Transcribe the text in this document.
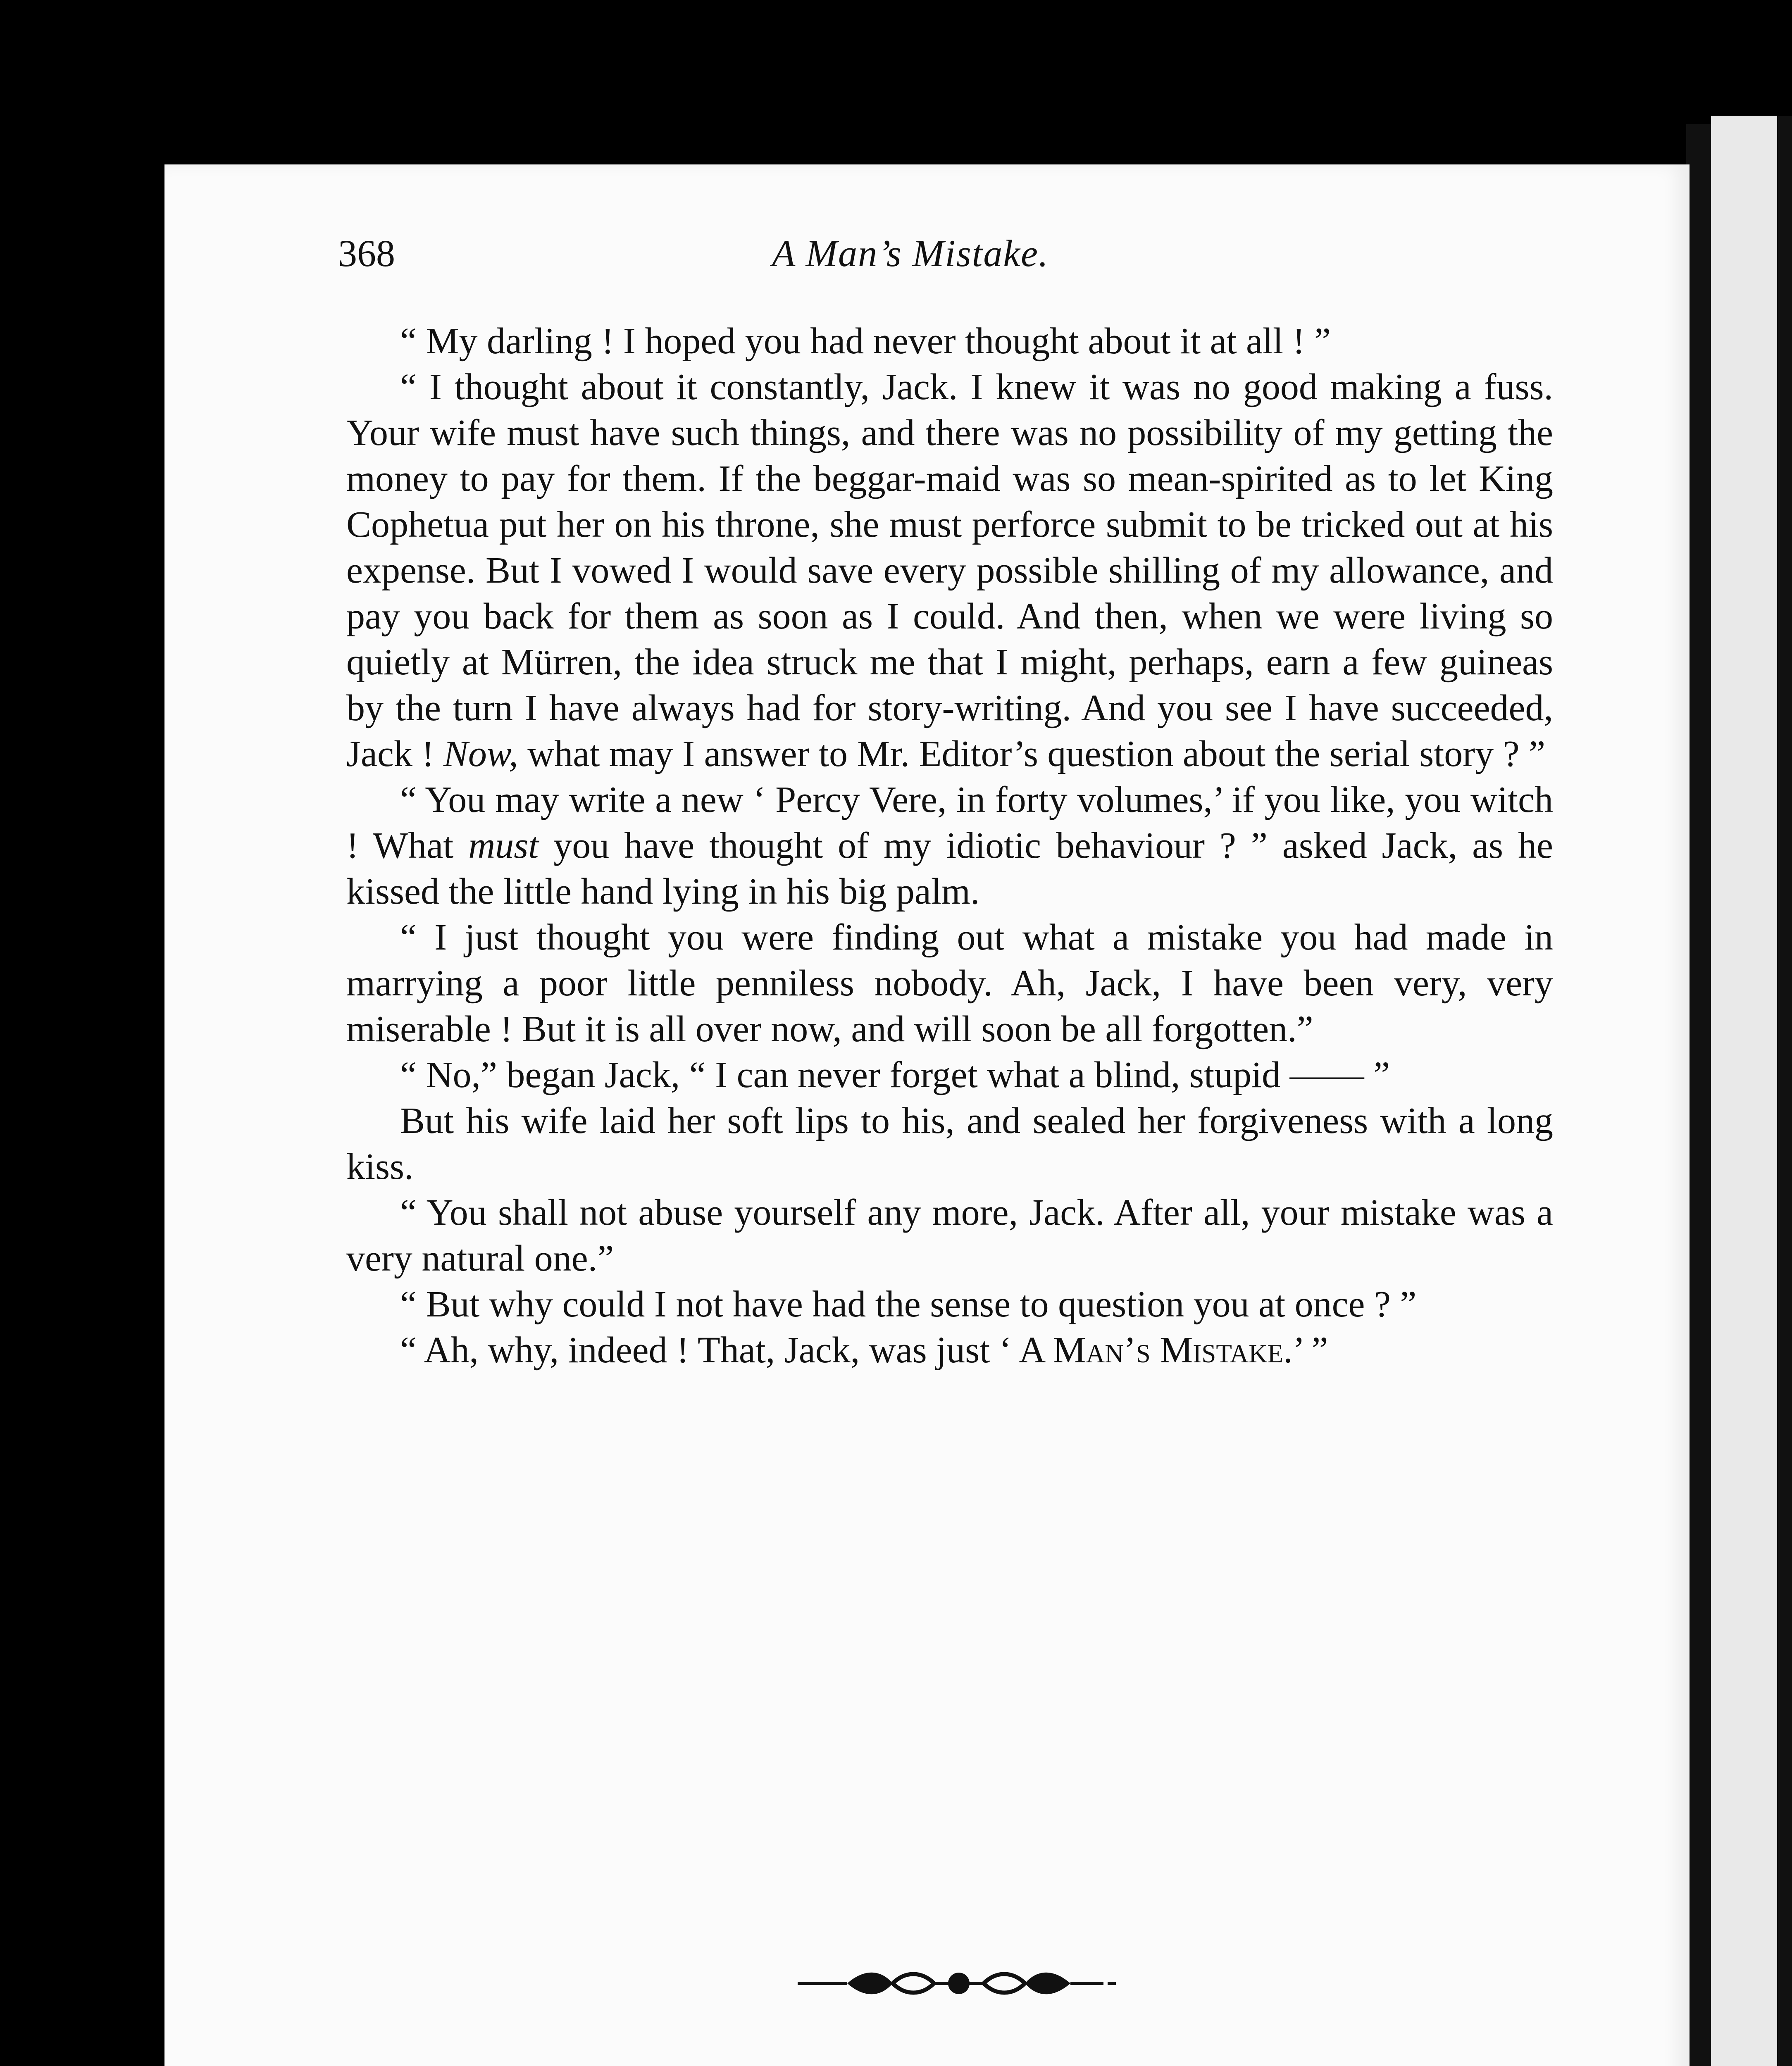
368	A Man’s Mistake.

“ My darling ! I hoped you had never thought about it at all ! ”

“ I thought about it constantly, Jack. I knew it was no good making a fuss. Your wife must have such things, and there was no possibility of my getting the money to pay for them. If the beggar-maid was so mean-spirited as to let King Cophetua put her on his throne, she must perforce submit to be tricked out at his expense. But I vowed I would save every possible shilling of my allowance, and pay you back for them as soon as I could. And then, when we were living so quietly at Mürren, the idea struck me that I might, perhaps, earn a few guineas by the turn I have always had for story-writing. And you see I have succeeded, Jack ! Now, what may I answer to Mr. Editor’s question about the serial story ? ”

“ You may write a new ‘ Percy Vere, in forty volumes,’ if you like, you witch ! What must you have thought of my idiotic behaviour ? ” asked Jack, as he kissed the little hand lying in his big palm.

“ I just thought you were finding out what a mistake you had made in marrying a poor little penniless nobody. Ah, Jack, I have been very, very miserable ! But it is all over now, and will soon be all forgotten.”

“ No,” began Jack, “ I can never forget what a blind, stupid —— ”

But his wife laid her soft lips to his, and sealed her forgiveness with a long kiss.

“ You shall not abuse yourself any more, Jack. After all, your mistake was a very natural one.”

“ But why could I not have had the sense to question you at once ? ”

“ Ah, why, indeed ! That, Jack, was just ‘ A Man’s Mistake.’ ”
